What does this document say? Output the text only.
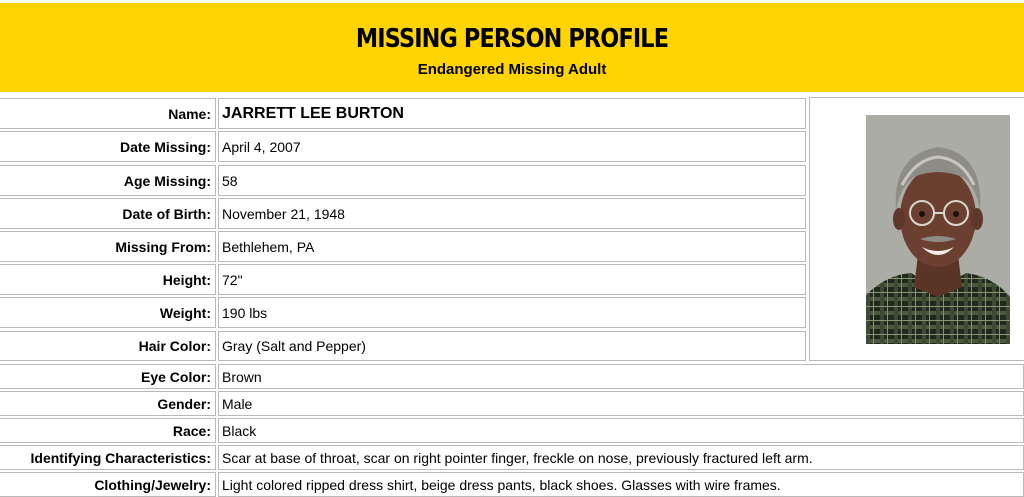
MISSING PERSON PROFILE
Endangered Missing Adult
Name: JARRETT LEE BURTON
Date Missing: April 4, 2007
Age Missing: 58
Date of Birth: November 21, 1948
Missing From: Bethlehem, PA
Height: 72"
Weight: 190 lbs
Hair Color: Gray (Salt and Pepper)
Eye Color: Brown
Gender: Male
Race: Black
Identifying Characteristics: Scar at base of throat, scar on right pointer finger, freckle on nose, previously fractured left arm.
Clothing/Jewelry: Light colored ripped dress shirt, beige dress pants, black shoes. Glasses with wire frames.
